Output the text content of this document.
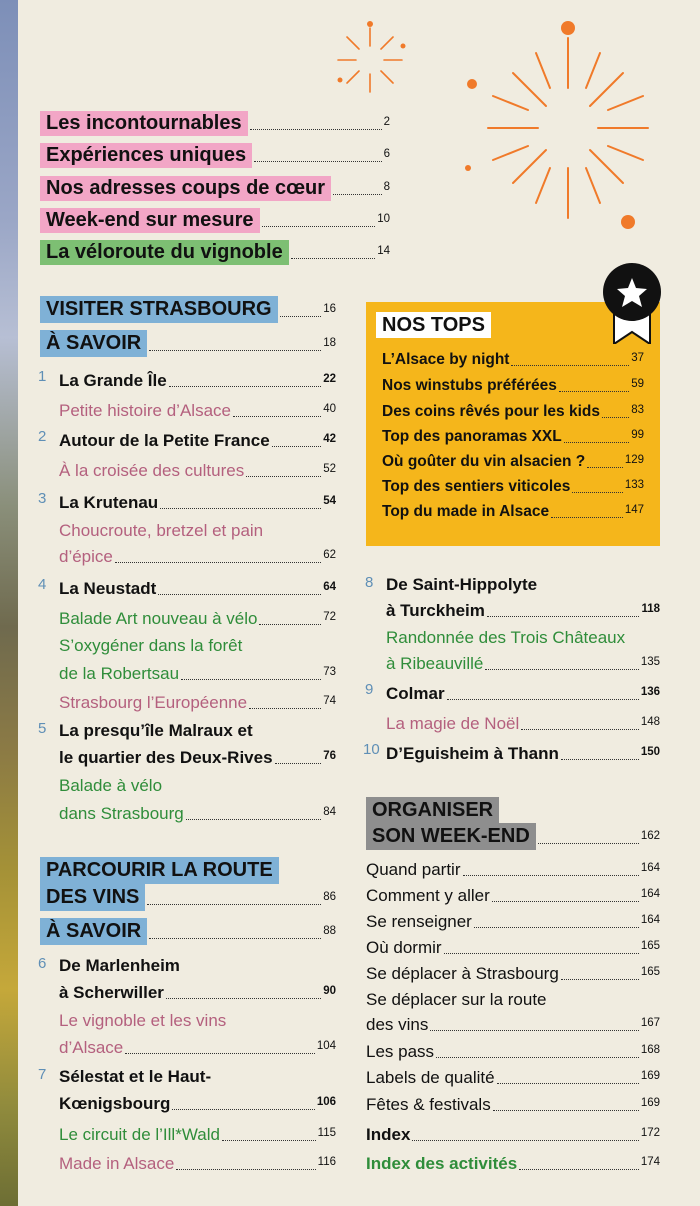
Les incontournables	2
Expériences uniques	6
Nos adresses coups de cœur	8
Week-end sur mesure	10
La véloroute du vignoble	14
VISITER STRASBOURG	16
À SAVOIR	18
1 La Grande Île	22
Petite histoire d’Alsace	40
2 Autour de la Petite France	42
À la croisée des cultures	52
3 La Krutenau	54
Choucroute, bretzel et pain
d’épice	62
4 La Neustadt	64
Balade Art nouveau à vélo	72
S’oxygéner dans la forêt
de la Robertsau	73
Strasbourg l’Européenne	74
5 La presqu’île Malraux et
le quartier des Deux-Rives	76
Balade à vélo
dans Strasbourg	84
PARCOURIR LA ROUTE
DES VINS	86
À SAVOIR	88
6 De Marlenheim
à Scherwiller	90
Le vignoble et les vins
d’Alsace	104
7 Sélestat et le Haut-
Kœnigsbourg	106
Le circuit de l’Ill*Wald	115
Made in Alsace	116
NOS TOPS
L’Alsace by night	37
Nos winstubs préférées	59
Des coins rêvés pour les kids	83
Top des panoramas XXL	99
Où goûter du vin alsacien ?	129
Top des sentiers viticoles	133
Top du made in Alsace	147
8 De Saint-Hippolyte
à Turckheim	118
Randonnée des Trois Châteaux
à Ribeauvillé	135
9 Colmar	136
La magie de Noël	148
10 D’Eguisheim à Thann	150
ORGANISER
SON WEEK-END	162
Quand partir	164
Comment y aller	164
Se renseigner	164
Où dormir	165
Se déplacer à Strasbourg	165
Se déplacer sur la route
des vins	167
Les pass	168
Labels de qualité	169
Fêtes & festivals	169
Index	172
Index des activités	174
